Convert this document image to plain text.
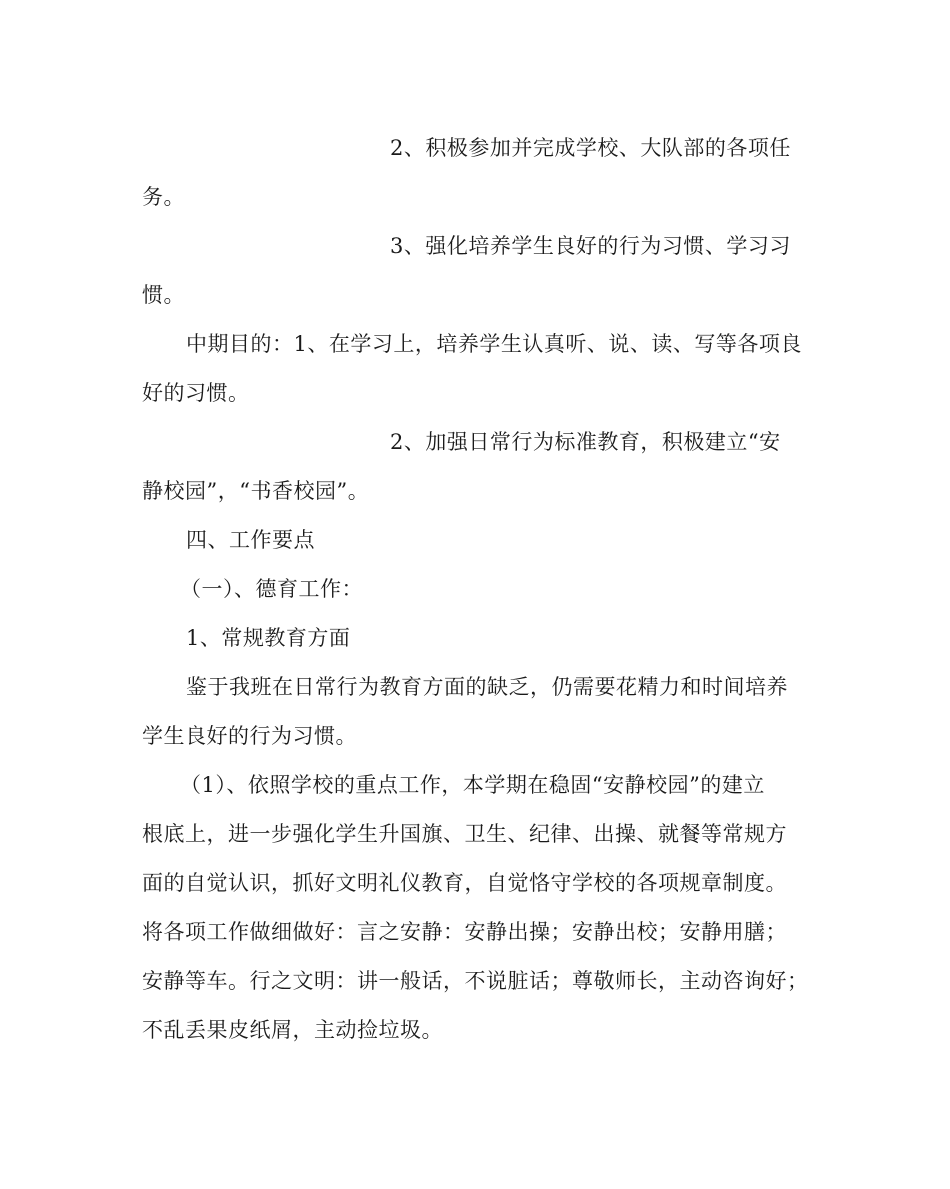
2、积极参加并完成学校、大队部的各项任
务。
3、强化培养学生良好的行为习惯、学习习
惯。
中期目的：1、在学习上，培养学生认真听、说、读、写等各项良
好的习惯。
2、加强日常行为标准教育，积极建立“安
静校园”，“书香校园”。
四、工作要点
（一）、德育工作：
1、常规教育方面
鉴于我班在日常行为教育方面的缺乏，仍需要花精力和时间培养
学生良好的行为习惯。
（1）、依照学校的重点工作，本学期在稳固“安静校园”的建立
根底上，进一步强化学生升国旗、卫生、纪律、出操、就餐等常规方
面的自觉认识，抓好文明礼仪教育，自觉恪守学校的各项规章制度。
将各项工作做细做好：言之安静：安静出操；安静出校；安静用膳；
安静等车。行之文明：讲一般话，不说脏话；尊敬师长，主动咨询好；
不乱丢果皮纸屑，主动捡垃圾。
